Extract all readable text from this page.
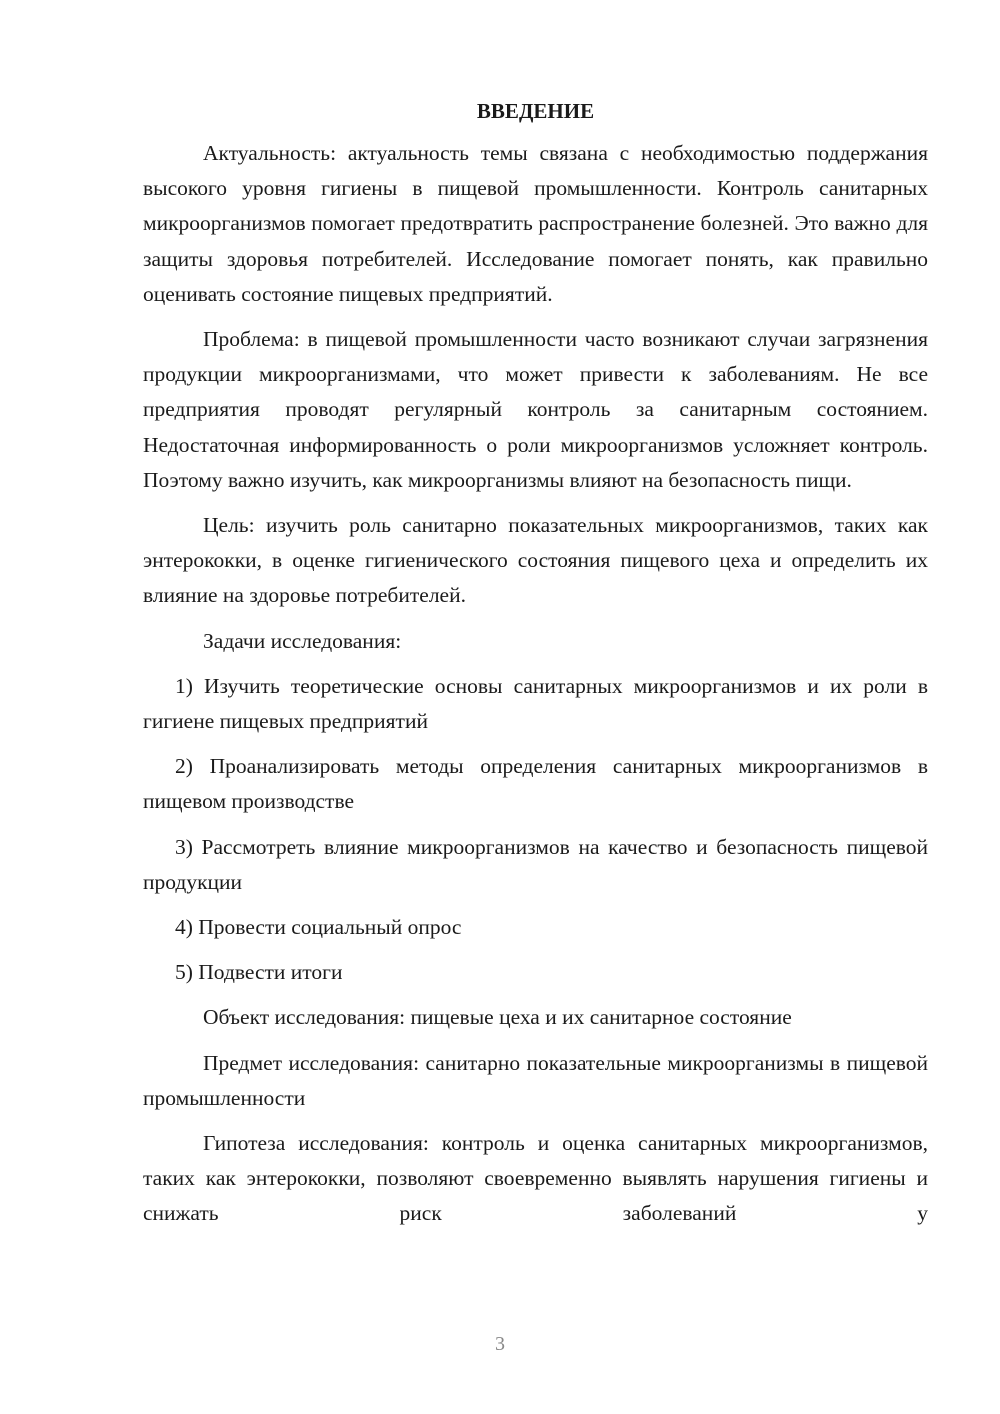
ВВЕДЕНИЕ

Актуальность: актуальность темы связана с необходимостью поддержания высокого уровня гигиены в пищевой промышленности. Контроль санитарных микроорганизмов помогает предотвратить распространение болезней. Это важно для защиты здоровья потребителей. Исследование помогает понять, как правильно оценивать состояние пищевых предприятий.

Проблема: в пищевой промышленности часто возникают случаи загрязнения продукции микроорганизмами, что может привести к заболеваниям. Не все предприятия проводят регулярный контроль за санитарным состоянием. Недостаточная информированность о роли микроорганизмов усложняет контроль. Поэтому важно изучить, как микроорганизмы влияют на безопасность пищи.

Цель: изучить роль санитарно показательных микроорганизмов, таких как энтерококки, в оценке гигиенического состояния пищевого цеха и определить их влияние на здоровье потребителей.

Задачи исследования:

1) Изучить теоретические основы санитарных микроорганизмов и их роли в гигиене пищевых предприятий

2) Проанализировать методы определения санитарных микроорганизмов в пищевом производстве

3) Рассмотреть влияние микроорганизмов на качество и безопасность пищевой продукции

4) Провести социальный опрос

5) Подвести итоги

Объект исследования: пищевые цеха и их санитарное состояние

Предмет исследования: санитарно показательные микроорганизмы в пищевой промышленности

Гипотеза исследования: контроль и оценка санитарных микроорганизмов, таких как энтерококки, позволяют своевременно выявлять нарушения гигиены и снижать риск заболеваний у

3
